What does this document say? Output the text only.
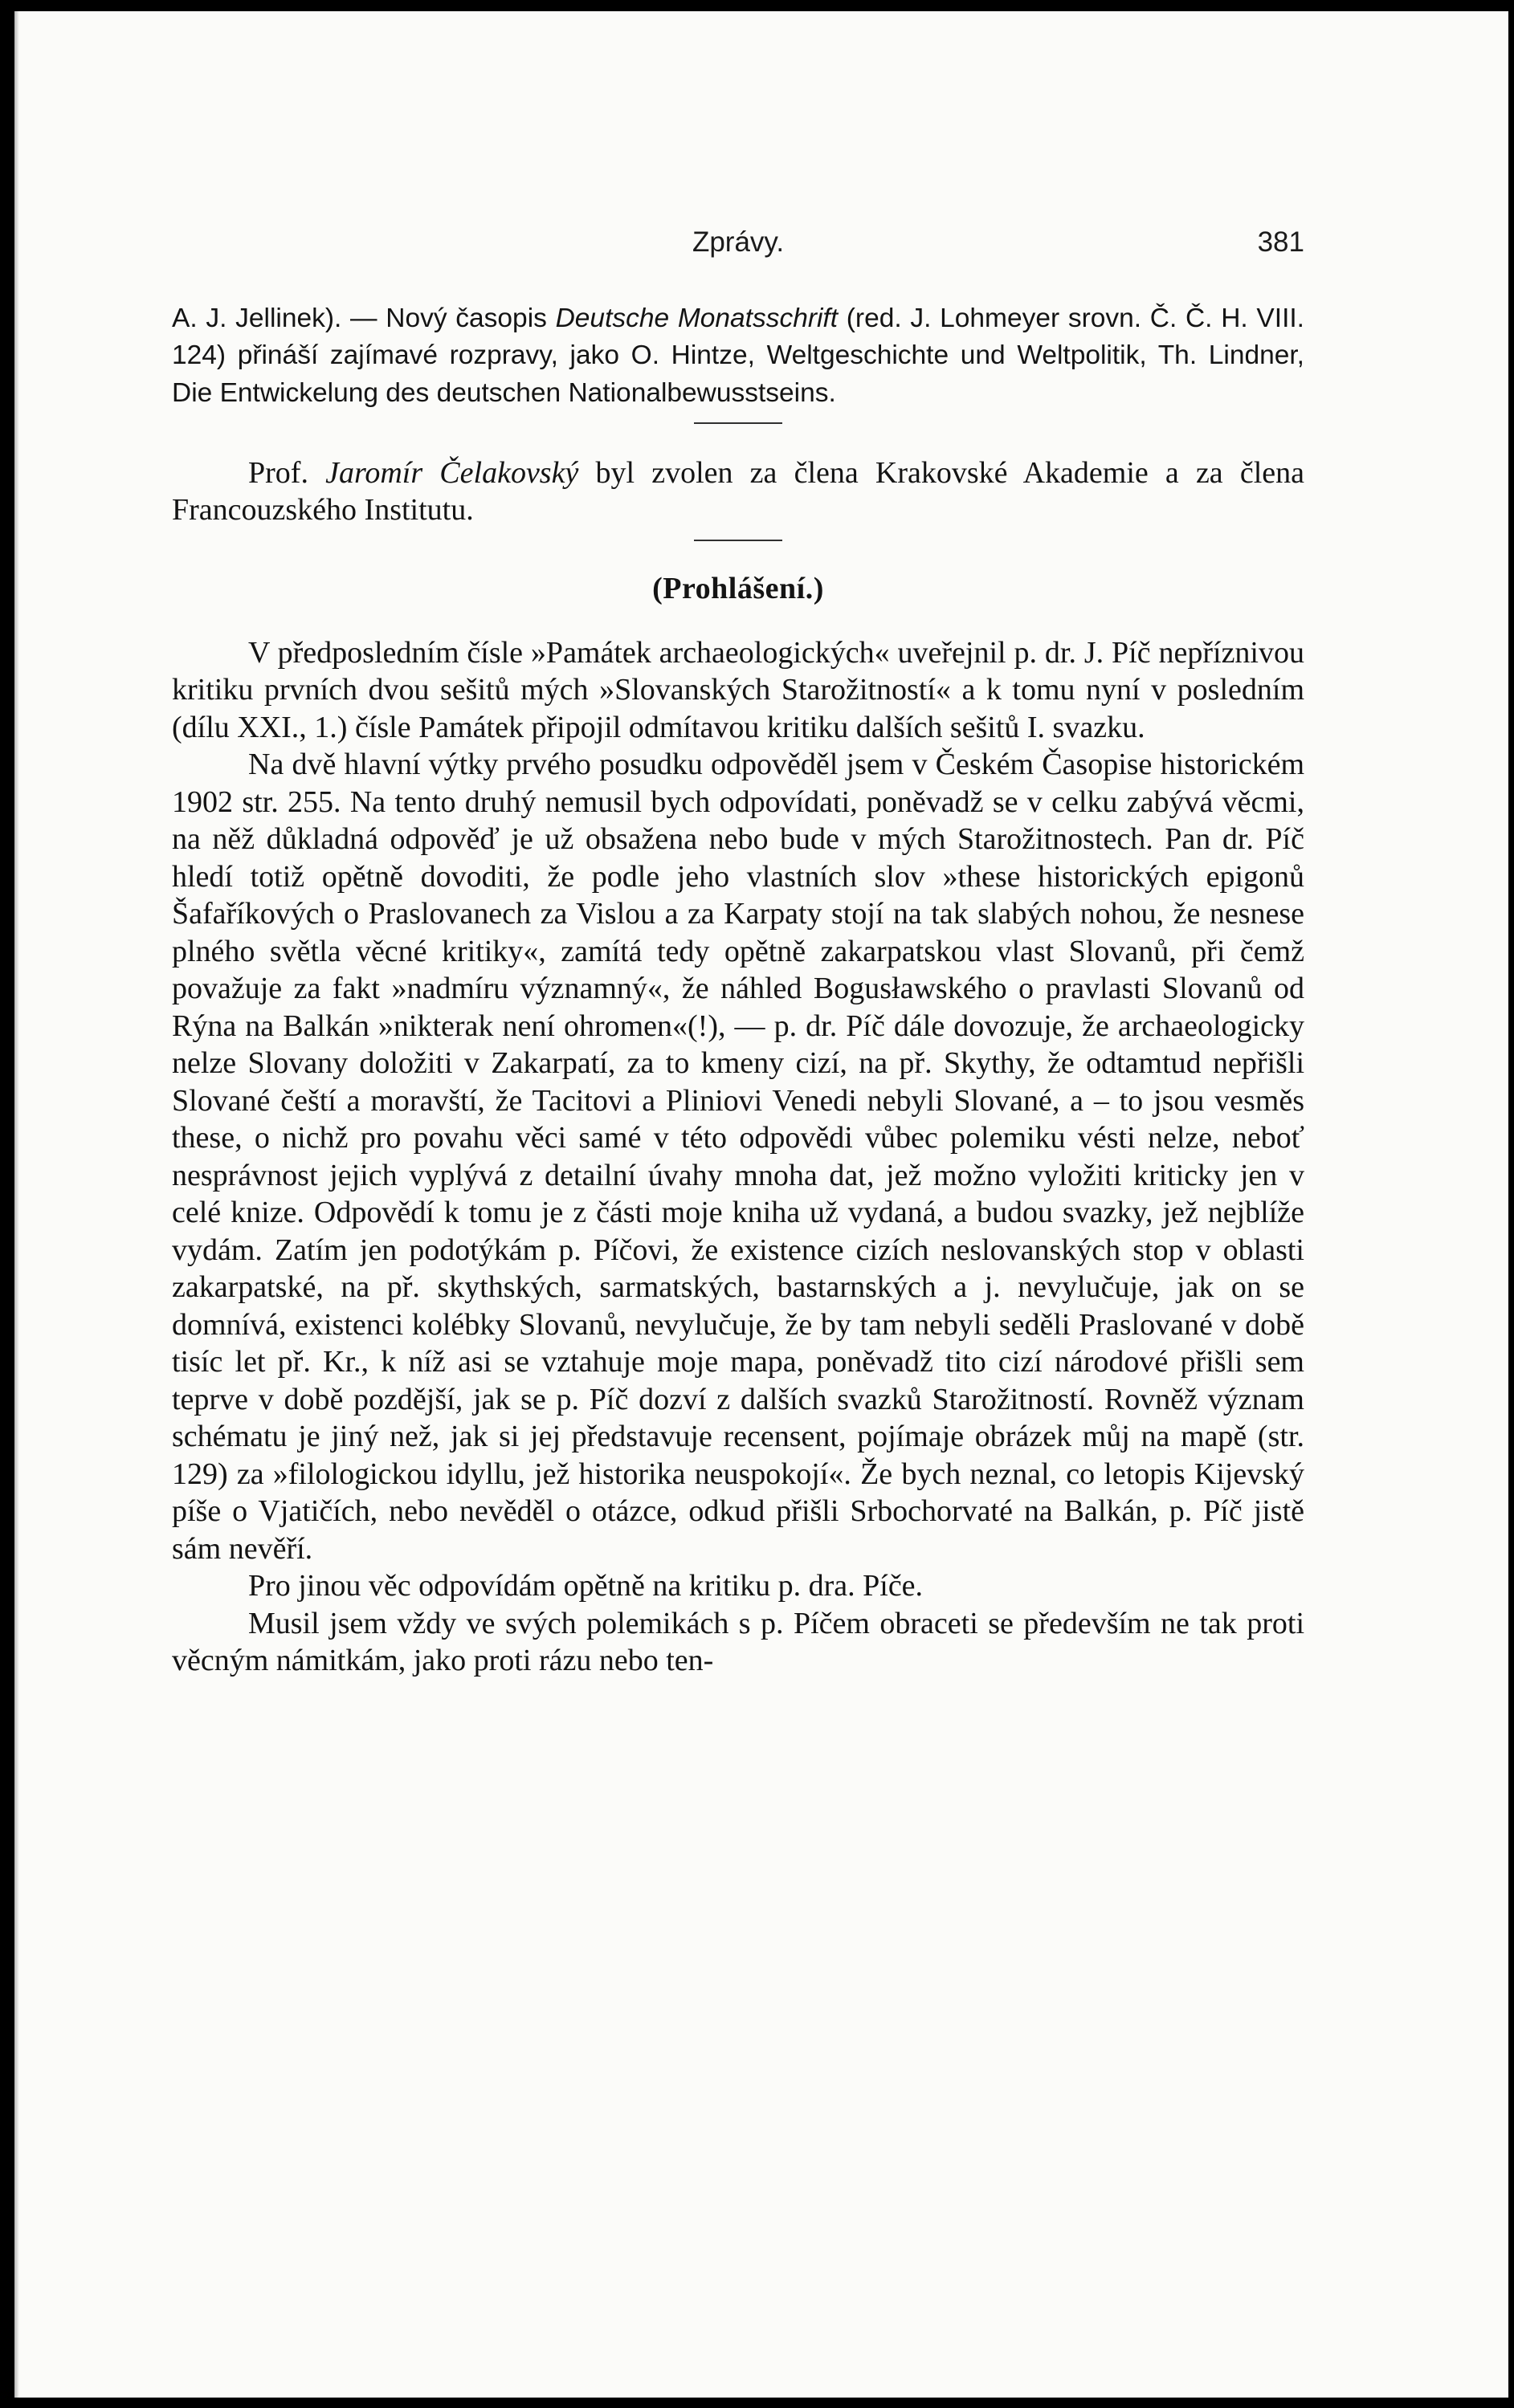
Zprávy.	381

A. J. Jellinek). — Nový časopis Deutsche Monatsschrift (red. J. Lohmeyer srovn. Č. Č. H. VIII. 124) přináší zajímavé rozpravy, jako O. Hintze, Weltgeschichte und Weltpolitik, Th. Lindner, Die Entwickelung des deutschen Nationalbewusstseins.

Prof. Jaromír Čelakovský byl zvolen za člena Krakovské Akademie a za člena Francouzského Institutu.

(Prohlášení.)

V předposledním čísle »Památek archaeologických« uveřejnil p. dr. J. Píč nepříznivou kritiku prvních dvou sešitů mých »Slovanských Starožitností« a k tomu nyní v posledním (dílu XXI., 1.) čísle Památek připojil odmítavou kritiku dalších sešitů I. svazku.

Na dvě hlavní výtky prvého posudku odpověděl jsem v Českém Časopise historickém 1902 str. 255. Na tento druhý nemusil bych odpovídati, poněvadž se v celku zabývá věcmi, na něž důkladná odpověď je už obsažena nebo bude v mých Starožitnostech. Pan dr. Píč hledí totiž opětně dovoditi, že podle jeho vlastních slov »these historických epigonů Šafaříkových o Praslovanech za Vislou a za Karpaty stojí na tak slabých nohou, že nesnese plného světla věcné kritiky«, zamítá tedy opětně zakarpatskou vlast Slovanů, při čemž považuje za fakt »nadmíru významný«, že náhled Bogusławského o pravlasti Slovanů od Rýna na Balkán »nikterak není ohromen«(!), — p. dr. Píč dále dovozuje, že archaeologicky nelze Slovany doložiti v Zakarpatí, za to kmeny cizí, na př. Skythy, že odtamtud nepřišli Slované čeští a moravští, že Tacitovi a Pliniovi Venedi nebyli Slované, a – to jsou vesměs these, o nichž pro povahu věci samé v této odpovědi vůbec polemiku vésti nelze, neboť nesprávnost jejich vyplývá z detailní úvahy mnoha dat, jež možno vyložiti kriticky jen v celé knize. Odpovědí k tomu je z části moje kniha už vydaná, a budou svazky, jež nejblíže vydám. Zatím jen podotýkám p. Píčovi, že existence cizích neslovanských stop v oblasti zakarpatské, na př. skythských, sarmatských, bastarnských a j. nevylučuje, jak on se domnívá, existenci kolébky Slovanů, nevylučuje, že by tam nebyli seděli Praslované v době tisíc let př. Kr., k níž asi se vztahuje moje mapa, poněvadž tito cizí národové přišli sem teprve v době pozdější, jak se p. Píč dozví z dalších svazků Starožitností. Rovněž význam schématu je jiný než, jak si jej představuje recensent, pojímaje obrázek můj na mapě (str. 129) za »filologickou idyllu, jež historika neuspokojí«. Že bych neznal, co letopis Kijevský píše o Vjatičích, nebo nevěděl o otázce, odkud přišli Srbochorvaté na Balkán, p. Píč jistě sám nevěří.

Pro jinou věc odpovídám opětně na kritiku p. dra. Píče.

Musil jsem vždy ve svých polemikách s p. Píčem obraceti se především ne tak proti věcným námitkám, jako proti rázu nebo ten-
